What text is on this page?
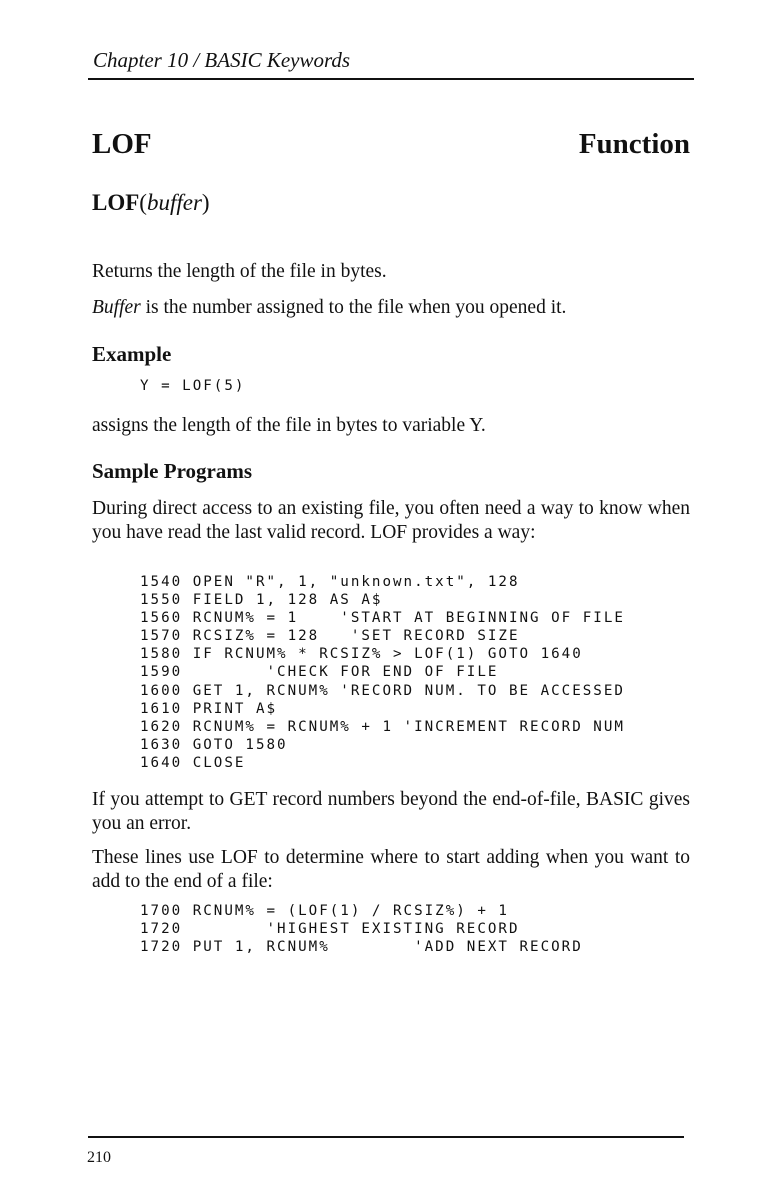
Chapter 10 / BASIC Keywords
LOF	Function
LOF(buffer)
Returns the length of the file in bytes.
Buffer is the number assigned to the file when you opened it.
Example
Y = LOF(5)
assigns the length of the file in bytes to variable Y.
Sample Programs
During direct access to an existing file, you often need a way to know when you have read the last valid record. LOF provides a way:
1540 OPEN "R", 1, "unknown.txt", 128
1550 FIELD 1, 128 AS A$
1560 RCNUM% = 1    'START AT BEGINNING OF FILE
1570 RCSIZ% = 128   'SET RECORD SIZE
1580 IF RCNUM% * RCSIZ% > LOF(1) GOTO 1640
1590        'CHECK FOR END OF FILE
1600 GET 1, RCNUM% 'RECORD NUM. TO BE ACCESSED
1610 PRINT A$
1620 RCNUM% = RCNUM% + 1 'INCREMENT RECORD NUM
1630 GOTO 1580
1640 CLOSE
If you attempt to GET record numbers beyond the end-of-file, BASIC gives you an error.
These lines use LOF to determine where to start adding when you want to add to the end of a file:
1700 RCNUM% = (LOF(1) / RCSIZ%) + 1
1720        'HIGHEST EXISTING RECORD
1720 PUT 1, RCNUM%        'ADD NEXT RECORD
210
